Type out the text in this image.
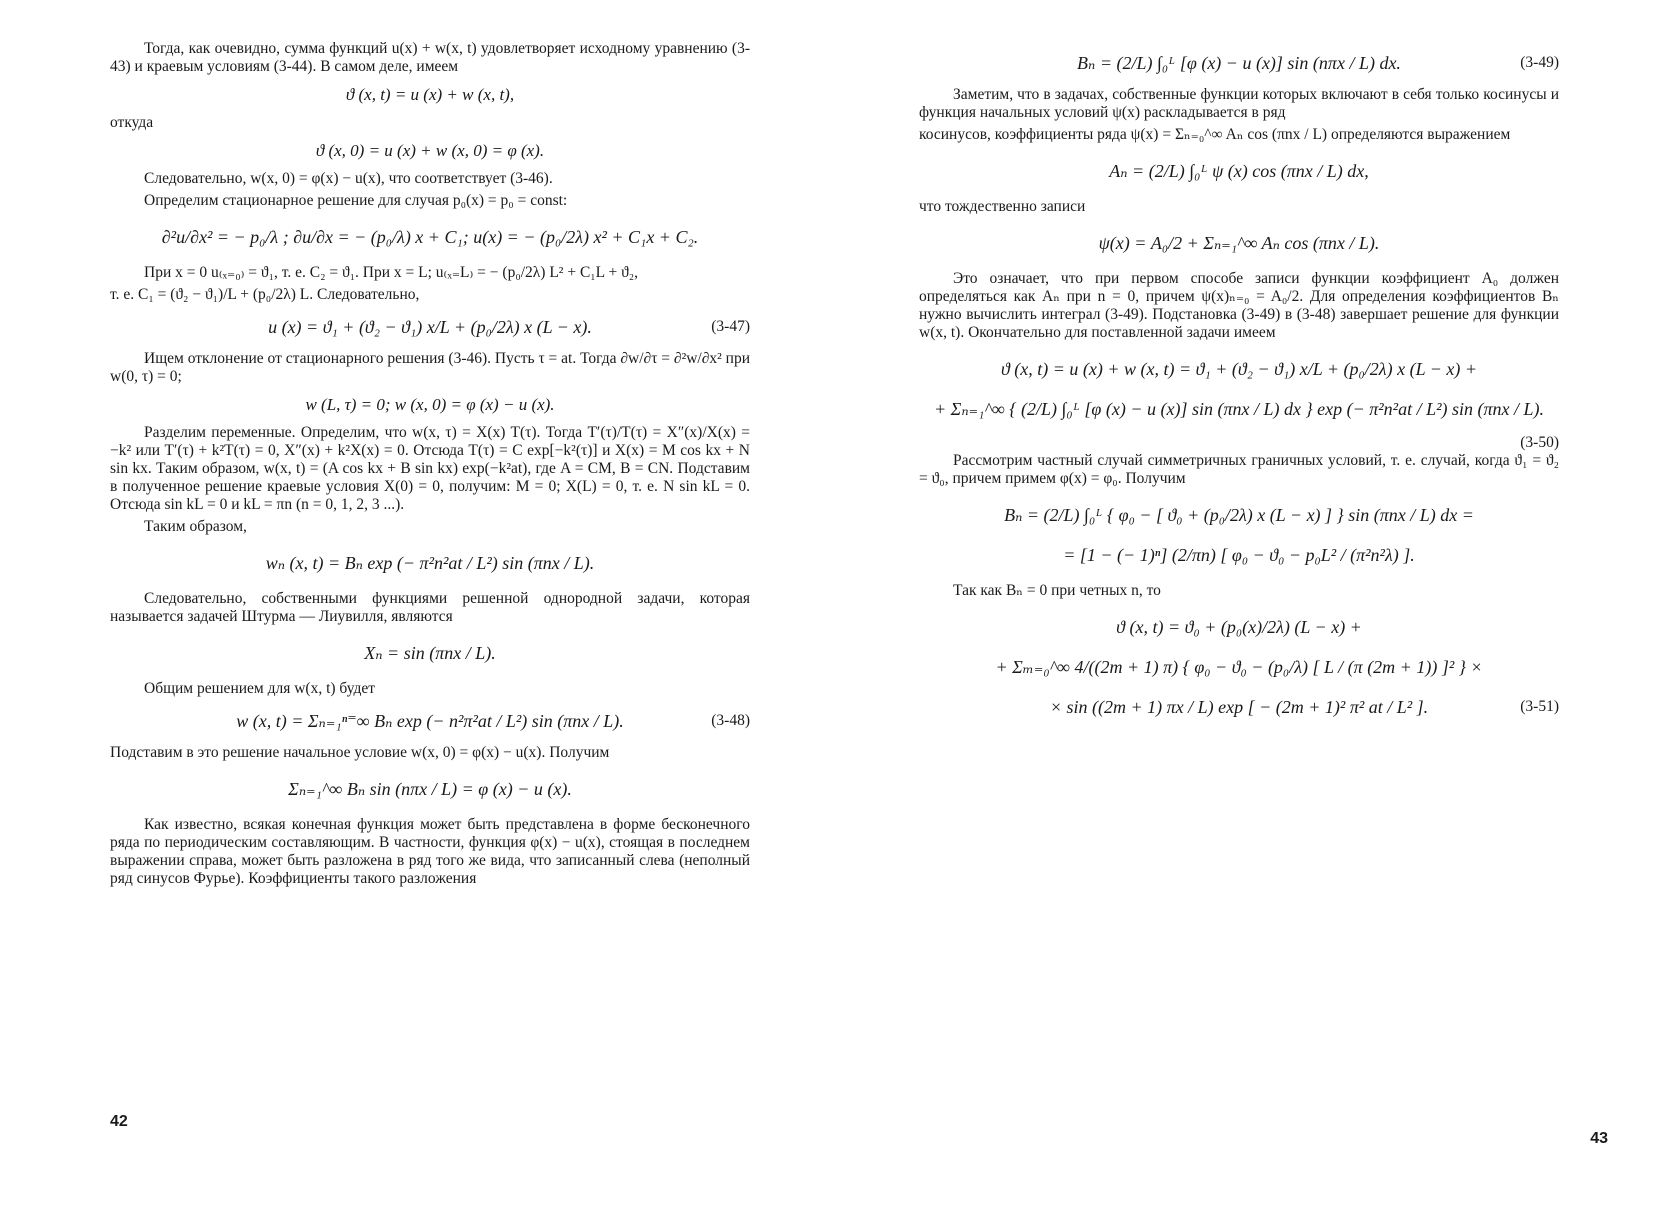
Тогда, как очевидно, сумма функций u(x) + w(x, t) удовлетворяет исходному уравнению (3-43) и краевым условиям (3-44). В самом деле, имеем

ϑ (x, t) = u (x) + w (x, t),

откуда

ϑ (x, 0) = u (x) + w (x, 0) = φ (x).

Следовательно, w(x, 0) = φ(x) − u(x), что соответствует (3-46).

Определим стационарное решение для случая p₀(x) = p₀ = const:

∂²u/∂x² = − p₀/λ ; ∂u/∂x = − (p₀/λ) x + C₁; u(x) = − (p₀/2λ) x² + C₁x + C₂.

При x = 0 u₍ₓ₌₀₎ = ϑ₁, т. е. C₂ = ϑ₁. При x = L; u₍ₓ₌L₎ = − (p₀/2λ) L² + C₁L + ϑ₂,

т. е. C₁ = (ϑ₂ − ϑ₁)/L + (p₀/2λ) L. Следовательно,

u (x) = ϑ₁ + (ϑ₂ − ϑ₁) x/L + (p₀/2λ) x (L − x).	(3-47)

Ищем отклонение от стационарного решения (3-46). Пусть τ = at. Тогда ∂w/∂τ = ∂²w/∂x² при w(0, τ) = 0;

w (L, τ) = 0; w (x, 0) = φ (x) − u (x).

Разделим переменные. Определим, что w(x, τ) = X(x) T(τ). Тогда T′(τ)/T(τ) = X″(x)/X(x) = −k² или T′(τ) + k²T(τ) = 0, X″(x) + k²X(x) = 0. Отсюда T(τ) = C exp[−k²(τ)] и X(x) = M cos kx + N sin kx. Таким образом, w(x, t) = (A cos kx + B sin kx) exp(−k²at), где A = CM, B = CN. Подставим в полученное решение краевые условия X(0) = 0, получим: M = 0; X(L) = 0, т. е. N sin kL = 0. Отсюда sin kL = 0 и kL = πn (n = 0, 1, 2, 3 ...).

Таким образом,

wₙ (x, t) = Bₙ exp (− π²n²at / L²) sin (πnx / L).

Следовательно, собственными функциями решенной однородной задачи, которая называется задачей Штурма — Лиувилля, являются

Xₙ = sin (πnx / L).

Общим решением для w(x, t) будет

w (x, t) = Σₙ₌₁ⁿ⁼∞ Bₙ exp (− n²π²at / L²) sin (πnx / L).	(3-48)

Подставим в это решение начальное условие w(x, 0) = φ(x) − u(x). Получим

Σₙ₌₁^∞ Bₙ sin (nπx / L) = φ (x) − u (x).

Как известно, всякая конечная функция может быть представлена в форме бесконечного ряда по периодическим составляющим. В частности, функция φ(x) − u(x), стоящая в последнем выражении справа, может быть разложена в ряд того же вида, что записанный слева (неполный ряд синусов Фурье). Коэффициенты такого разложения

42
Bₙ = (2/L) ∫₀ᴸ [φ (x) − u (x)] sin (nπx / L) dx.	(3-49)

Заметим, что в задачах, собственные функции которых включают в себя только косинусы и функция начальных условий ψ(x) раскладывается в ряд

косинусов, коэффициенты ряда ψ(x) = Σₙ₌₀^∞ Aₙ cos (πnx / L) определяются выражением

Aₙ = (2/L) ∫₀ᴸ ψ (x) cos (πnx / L) dx,

что тождественно записи

ψ(x) = A₀/2 + Σₙ₌₁^∞ Aₙ cos (πnx / L).

Это означает, что при первом способе записи функции коэффициент A₀ должен определяться как Aₙ при n = 0, причем ψ(x)ₙ₌₀ = A₀/2. Для определения коэффициентов Bₙ нужно вычислить интеграл (3-49). Подстановка (3-49) в (3-48) завершает решение для функции w(x, t). Окончательно для поставленной задачи имеем

ϑ (x, t) = u (x) + w (x, t) = ϑ₁ + (ϑ₂ − ϑ₁) x/L + (p₀/2λ) x (L − x) +
+ Σₙ₌₁^∞ { (2/L) ∫₀ᴸ [φ (x) − u (x)] sin (πnx / L) dx } exp (− π²n²at / L²) sin (πnx / L).
(3-50)

Рассмотрим частный случай симметричных граничных условий, т. е. случай, когда ϑ₁ = ϑ₂ = ϑ₀, причем примем φ(x) = φ₀. Получим

Bₙ = (2/L) ∫₀ᴸ { φ₀ − [ ϑ₀ + (p₀/2λ) x (L − x) ] } sin (πnx / L) dx =
= [1 − (− 1)ⁿ] (2/πn) [ φ₀ − ϑ₀ − p₀L² / (π²n²λ) ].

Так как Bₙ = 0 при четных n, то

ϑ (x, t) = ϑ₀ + (p₀(x)/2λ) (L − x) +
+ Σₘ₌₀^∞ 4/((2m + 1) π) { φ₀ − ϑ₀ − (p₀/λ) [ L / (π (2m + 1)) ]² } ×
× sin ((2m + 1) πx / L) exp [ − (2m + 1)² π² at / L² ].	(3-51)
43
